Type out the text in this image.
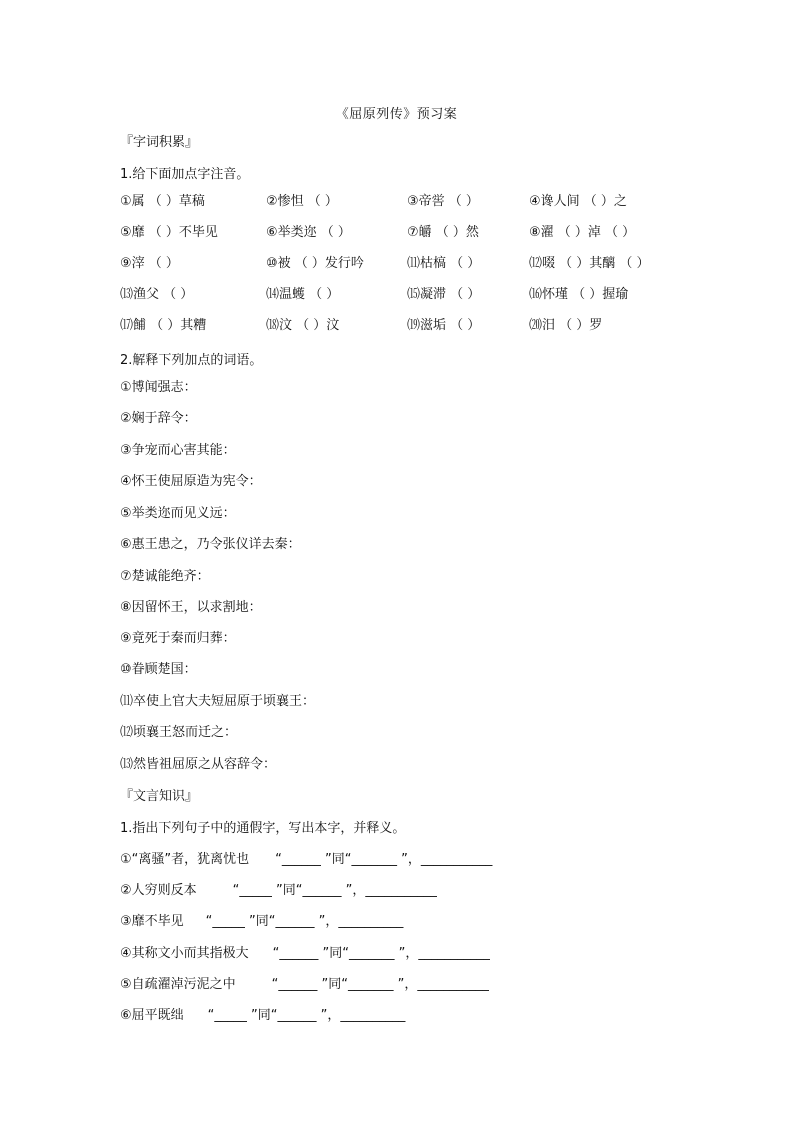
《屈原列传》预习案
『字词积累』
1.给下面加点字注音。
①属 （ ）草稿	②惨怛 （ ）	③帝喾 （ ）	④谗人间 （ ）之
⑤靡 （ ）不毕见	⑥举类迩 （ ）	⑦皭 （ ）然	⑧濯 （ ）淖 （ ）
⑨滓 （ ）	⑩被 （ ）发行吟	⑾枯槁 （ ）	⑿啜 （ ）其醨 （ ）
⒀渔父 （ ）	⒁温蠖 （ ）	⒂凝滞 （ ）	⒃怀瑾 （ ）握瑜
⒄餔 （ ）其糟	⒅汶 （ ）汶	⒆滋垢 （ ）	⒇汨 （ ）罗
2.解释下列加点的词语。
①博闻强志：
②娴于辞令：
③争宠而心害其能：
④怀王使屈原造为宪令：
⑤举类迩而见义远：
⑥惠王患之，乃令张仪详去秦：
⑦楚诚能绝齐：
⑧因留怀王，以求割地：
⑨竟死于秦而归葬：
⑩眷顾楚国：
⑾卒使上官大夫短屈原于顷襄王：
⑿顷襄王怒而迁之：
⒀然皆祖屈原之从容辞令：
『文言知识』
1.指出下列句子中的通假字，写出本字，并释义。
①“离骚”者，犹离忧也 “______ ”同“_______ ”，___________
②人穷则反本	“_____ ”同“______ ”，___________
③靡不毕见 “_____ ”同“______ ”，__________
④其称文小而其指极大 “______ ”同“_______ ”，___________
⑤自疏濯淖污泥之中	“______ ”同“_______ ”，___________
⑥屈平既绌 “_____ ”同“______ ”，__________
